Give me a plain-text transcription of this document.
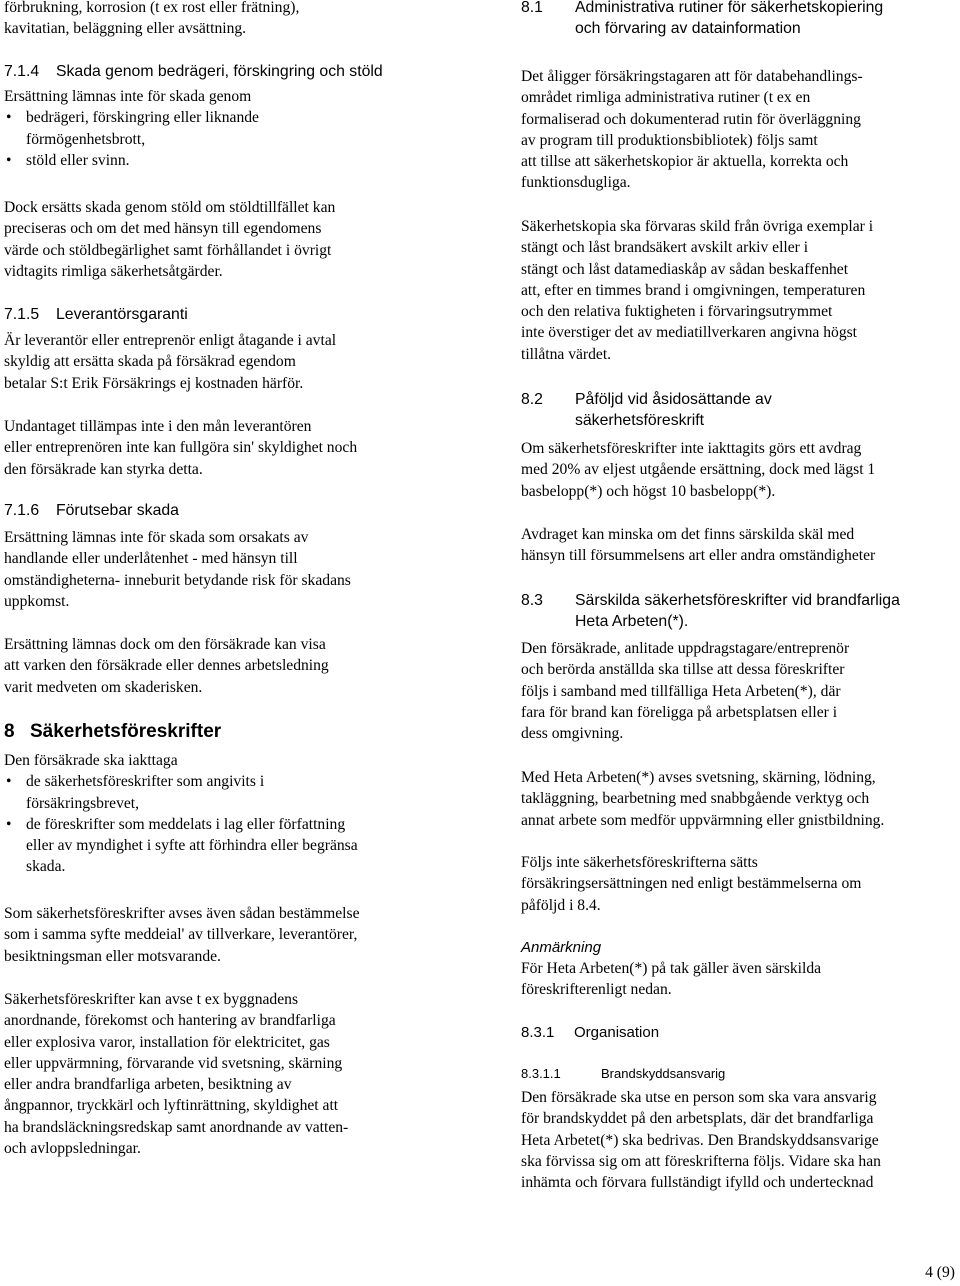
förbrukning, korrosion (t ex rost eller frätning),
kavitatian, beläggning eller avsättning.
7.1.4	Skada genom bedrägeri, förskingring och stöld
Ersättning lämnas inte för skada genom
• bedrägeri, förskingring eller liknande förmögenhetsbrott,
• stöld eller svinn.
Dock ersätts skada genom stöld om stöldtillfället kan
preciseras och om det med hänsyn till egendomens
värde och stöldbegärlighet samt förhållandet i övrigt
vidtagits rimliga säkerhetsåtgärder.
7.1.5	Leverantörsgaranti
Är leverantör eller entreprenör enligt åtagande i avtal
skyldig att ersätta skada på försäkrad egendom
betalar S:t Erik Försäkrings ej kostnaden härför.
Undantaget tillämpas inte i den mån leverantören
eller entreprenören inte kan fullgöra sin' skyldighet noch
den försäkrade kan styrka detta.
7.1.6	Förutsebar skada
Ersättning lämnas inte för skada som orsakats av
handlande eller underlåtenhet - med hänsyn till
omständigheterna- inneburit betydande risk för skadans
uppkomst.
Ersättning lämnas dock om den försäkrade kan visa
att varken den försäkrade eller dennes arbetsledning
varit medveten om skaderisken.
8 Säkerhetsföreskrifter
Den försäkrade ska iakttaga
• de säkerhetsföreskrifter som angivits i
försäkringsbrevet,
• de föreskrifter som meddelats i lag eller författning
eller av myndighet i syfte att förhindra eller begränsa
skada.
Som säkerhetsföreskrifter avses även sådan bestämmelse
som i samma syfte meddeial' av tillverkare, leverantörer,
besiktningsman eller motsvarande.
Säkerhetsföreskrifter kan avse t ex byggnadens
anordnande, förekomst och hantering av brandfarliga
eller explosiva varor, installation för elektricitet, gas
eller uppvärmning, förvarande vid svetsning, skärning
eller andra brandfarliga arbeten, besiktning av
ångpannor, tryckkärl och lyftinrättning, skyldighet att
ha brandsläckningsredskap samt anordnande av vatten-
och avloppsledningar.
8.1	Administrativa rutiner för säkerhetskopiering
och förvaring av datainformation
Det åligger försäkringstagaren att för databehandlings-
området rimliga administrativa rutiner (t ex en
formaliserad och dokumenterad rutin för överläggning
av program till produktionsbibliotek) följs samt
att tillse att säkerhetskopior är aktuella, korrekta och
funktionsdugliga.
Säkerhetskopia ska förvaras skild från övriga exemplar i
stängt och låst brandsäkert avskilt arkiv eller i
stängt och låst datamediaskåp av sådan beskaffenhet
att, efter en timmes brand i omgivningen, temperaturen
och den relativa fuktigheten i förvaringsutrymmet
inte överstiger det av mediatillverkaren angivna högst
tillåtna värdet.
8.2	Påföljd vid åsidosättande av
säkerhetsföreskrift
Om säkerhetsföreskrifter inte iakttagits görs ett avdrag
med 20% av eljest utgående ersättning, dock med lägst 1
basbelopp(*) och högst 10 basbelopp(*).
Avdraget kan minska om det finns särskilda skäl med
hänsyn till försummelsens art eller andra omständigheter
8.3	Särskilda säkerhetsföreskrifter vid brandfarliga
Heta Arbeten(*).
Den försäkrade, anlitade uppdragstagare/entreprenör
och berörda anställda ska tillse att dessa föreskrifter
följs i samband med tillfälliga Heta Arbeten(*), där
fara för brand kan föreligga på arbetsplatsen eller i
dess omgivning.
Med Heta Arbeten(*) avses svetsning, skärning, lödning,
takläggning, bearbetning med snabbgående verktyg och
annat arbete som medför uppvärmning eller gnistbildning.
Följs inte säkerhetsföreskrifterna sätts
försäkringsersättningen ned enligt bestämmelserna om
påföljd i 8.4.
Anmärkning
För Heta Arbeten(*) på tak gäller även särskilda
föreskrifterenligt nedan.
8.3.1	Organisation
8.3.1.1	Brandskyddsansvarig
Den försäkrade ska utse en person som ska vara ansvarig
för brandskyddet på den arbetsplats, där det brandfarliga
Heta Arbetet(*) ska bedrivas. Den Brandskyddsansvarige
ska förvissa sig om att föreskrifterna följs. Vidare ska han
inhämta och förvara fullständigt ifylld och undertecknad
4 (9)
